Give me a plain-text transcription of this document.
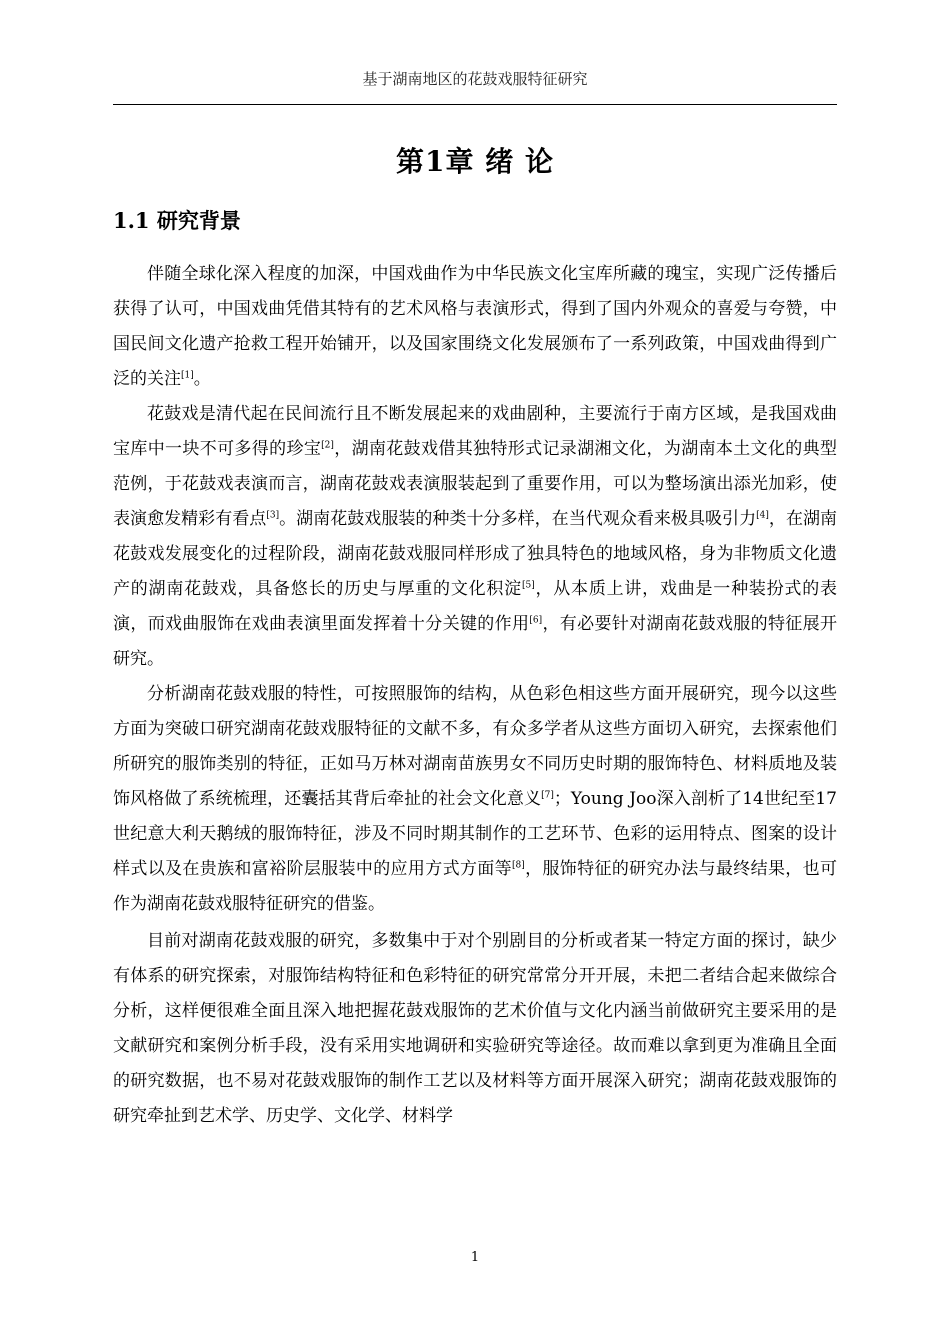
基于湖南地区的花鼓戏服特征研究
第1章 绪 论
1.1 研究背景

伴随全球化深入程度的加深，中国戏曲作为中华民族文化宝库所藏的瑰宝，实现广泛传播后获得了认可，中国戏曲凭借其特有的艺术风格与表演形式，得到了国内外观众的喜爱与夸赞，中国民间文化遗产抢救工程开始铺开，以及国家围绕文化发展颁布了一系列政策，中国戏曲得到广泛的关注[1]。

花鼓戏是清代起在民间流行且不断发展起来的戏曲剧种，主要流行于南方区域，是我国戏曲宝库中一块不可多得的珍宝[2]，湖南花鼓戏借其独特形式记录湖湘文化，为湖南本土文化的典型范例，于花鼓戏表演而言，湖南花鼓戏表演服装起到了重要作用，可以为整场演出添光加彩，使表演愈发精彩有看点[3]。湖南花鼓戏服装的种类十分多样，在当代观众看来极具吸引力[4]，在湖南花鼓戏发展变化的过程阶段，湖南花鼓戏服同样形成了独具特色的地域风格，身为非物质文化遗产的湖南花鼓戏，具备悠长的历史与厚重的文化积淀[5]，从本质上讲，戏曲是一种装扮式的表演，而戏曲服饰在戏曲表演里面发挥着十分关键的作用[6]，有必要针对湖南花鼓戏服的特征展开研究。

分析湖南花鼓戏服的特性，可按照服饰的结构，从色彩色相这些方面开展研究，现今以这些方面为突破口研究湖南花鼓戏服特征的文献不多，有众多学者从这些方面切入研究，去探索他们所研究的服饰类别的特征，正如马万林对湖南苗族男女不同历史时期的服饰特色、材料质地及装饰风格做了系统梳理，还囊括其背后牵扯的社会文化意义[7]；Young Joo深入剖析了14世纪至17世纪意大利天鹅绒的服饰特征，涉及不同时期其制作的工艺环节、色彩的运用特点、图案的设计样式以及在贵族和富裕阶层服装中的应用方式方面等[8]，服饰特征的研究办法与最终结果，也可作为湖南花鼓戏服特征研究的借鉴。

目前对湖南花鼓戏服的研究，多数集中于对个别剧目的分析或者某一特定方面的探讨，缺少有体系的研究探索，对服饰结构特征和色彩特征的研究常常分开开展，未把二者结合起来做综合分析，这样便很难全面且深入地把握花鼓戏服饰的艺术价值与文化内涵当前做研究主要采用的是文献研究和案例分析手段，没有采用实地调研和实验研究等途径。故而难以拿到更为准确且全面的研究数据，也不易对花鼓戏服饰的制作工艺以及材料等方面开展深入研究；湖南花鼓戏服饰的研究牵扯到艺术学、历史学、文化学、材料学

1
